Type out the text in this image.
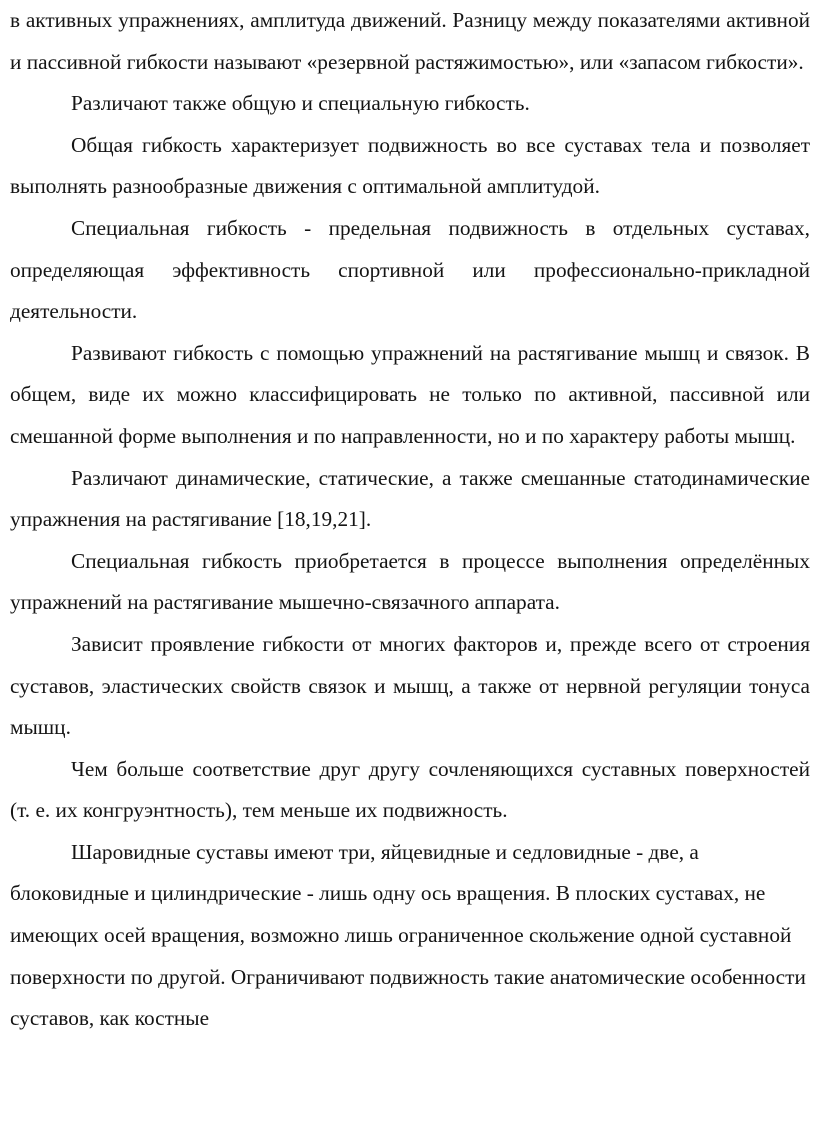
в активных упражнениях, амплитуда движений. Разницу между показателями активной и пассивной гибкости называют «резервной растяжимостью», или «запасом гибкости».

Различают также общую и специальную гибкость.

Общая гибкость характеризует подвижность во все суставах тела и позволяет выполнять разнообразные движения с оптимальной амплитудой.

Специальная гибкость - предельная подвижность в отдельных суставах, определяющая эффективность спортивной или профессионально-прикладной деятельности.

Развивают гибкость с помощью упражнений на растягивание мышц и связок. В общем, виде их можно классифицировать не только по активной, пассивной или смешанной форме выполнения и по направленности, но и по характеру работы мышц.

Различают динамические, статические, а также смешанные статодинамические упражнения на растягивание [18,19,21].

Специальная гибкость приобретается в процессе выполнения определённых упражнений на растягивание мышечно-связачного аппарата.

Зависит проявление гибкости от многих факторов и, прежде всего от строения суставов, эластических свойств связок и мышц, а также от нервной регуляции тонуса мышц.

Чем больше соответствие друг другу сочленяющихся суставных поверхностей (т. е. их конгруэнтность), тем меньше их подвижность.

Шаровидные суставы имеют три, яйцевидные и седловидные - две, а блоковидные и цилиндрические - лишь одну ось вращения. В плоских суставах, не имеющих осей вращения, возможно лишь ограниченное скольжение одной суставной поверхности по другой. Ограничивают подвижность такие анатомические особенности суставов, как костные
